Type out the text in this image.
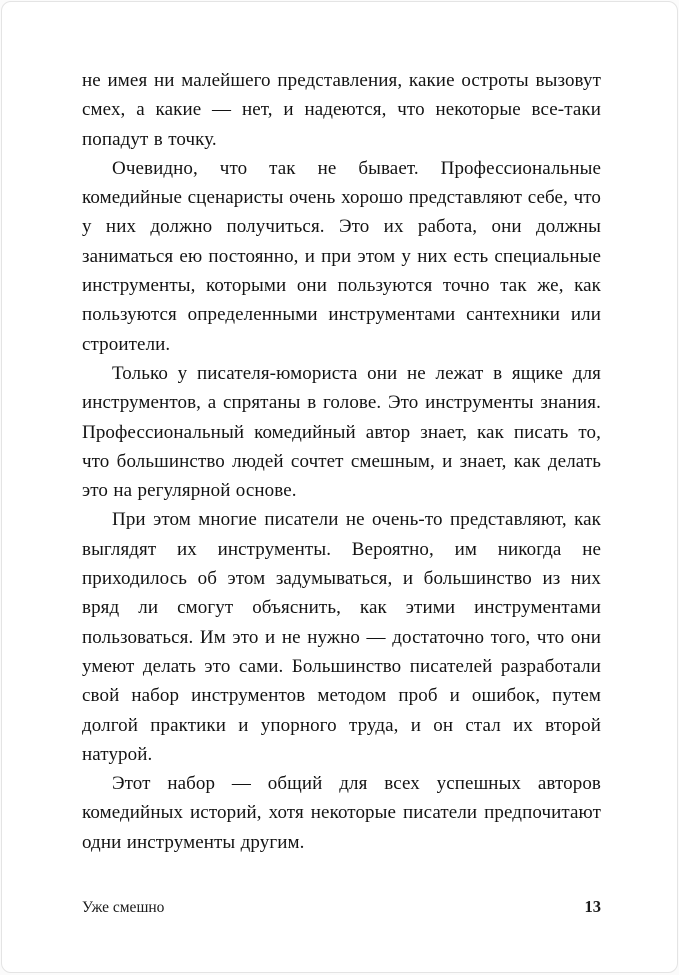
не имея ни малейшего представления, какие остроты вызовут смех, а какие — нет, и надеются, что некоторые все-таки попадут в точку.

Очевидно, что так не бывает. Профессиональные комедийные сценаристы очень хорошо представляют себе, что у них должно получиться. Это их работа, они должны заниматься ею постоянно, и при этом у них есть специальные инструменты, которыми они пользуются точно так же, как пользуются определенными инструментами сантехники или строители.

Только у писателя-юмориста они не лежат в ящике для инструментов, а спрятаны в голове. Это инструменты знания. Профессиональный комедийный автор знает, как писать то, что большинство людей сочтет смешным, и знает, как делать это на регулярной основе.

При этом многие писатели не очень-то представляют, как выглядят их инструменты. Вероятно, им никогда не приходилось об этом задумываться, и большинство из них вряд ли смогут объяснить, как этими инструментами пользоваться. Им это и не нужно — достаточно того, что они умеют делать это сами. Большинство писателей разработали свой набор инструментов методом проб и ошибок, путем долгой практики и упорного труда, и он стал их второй натурой.

Этот набор — общий для всех успешных авторов комедийных историй, хотя некоторые писатели предпочитают одни инструменты другим.

Уже смешно	13
